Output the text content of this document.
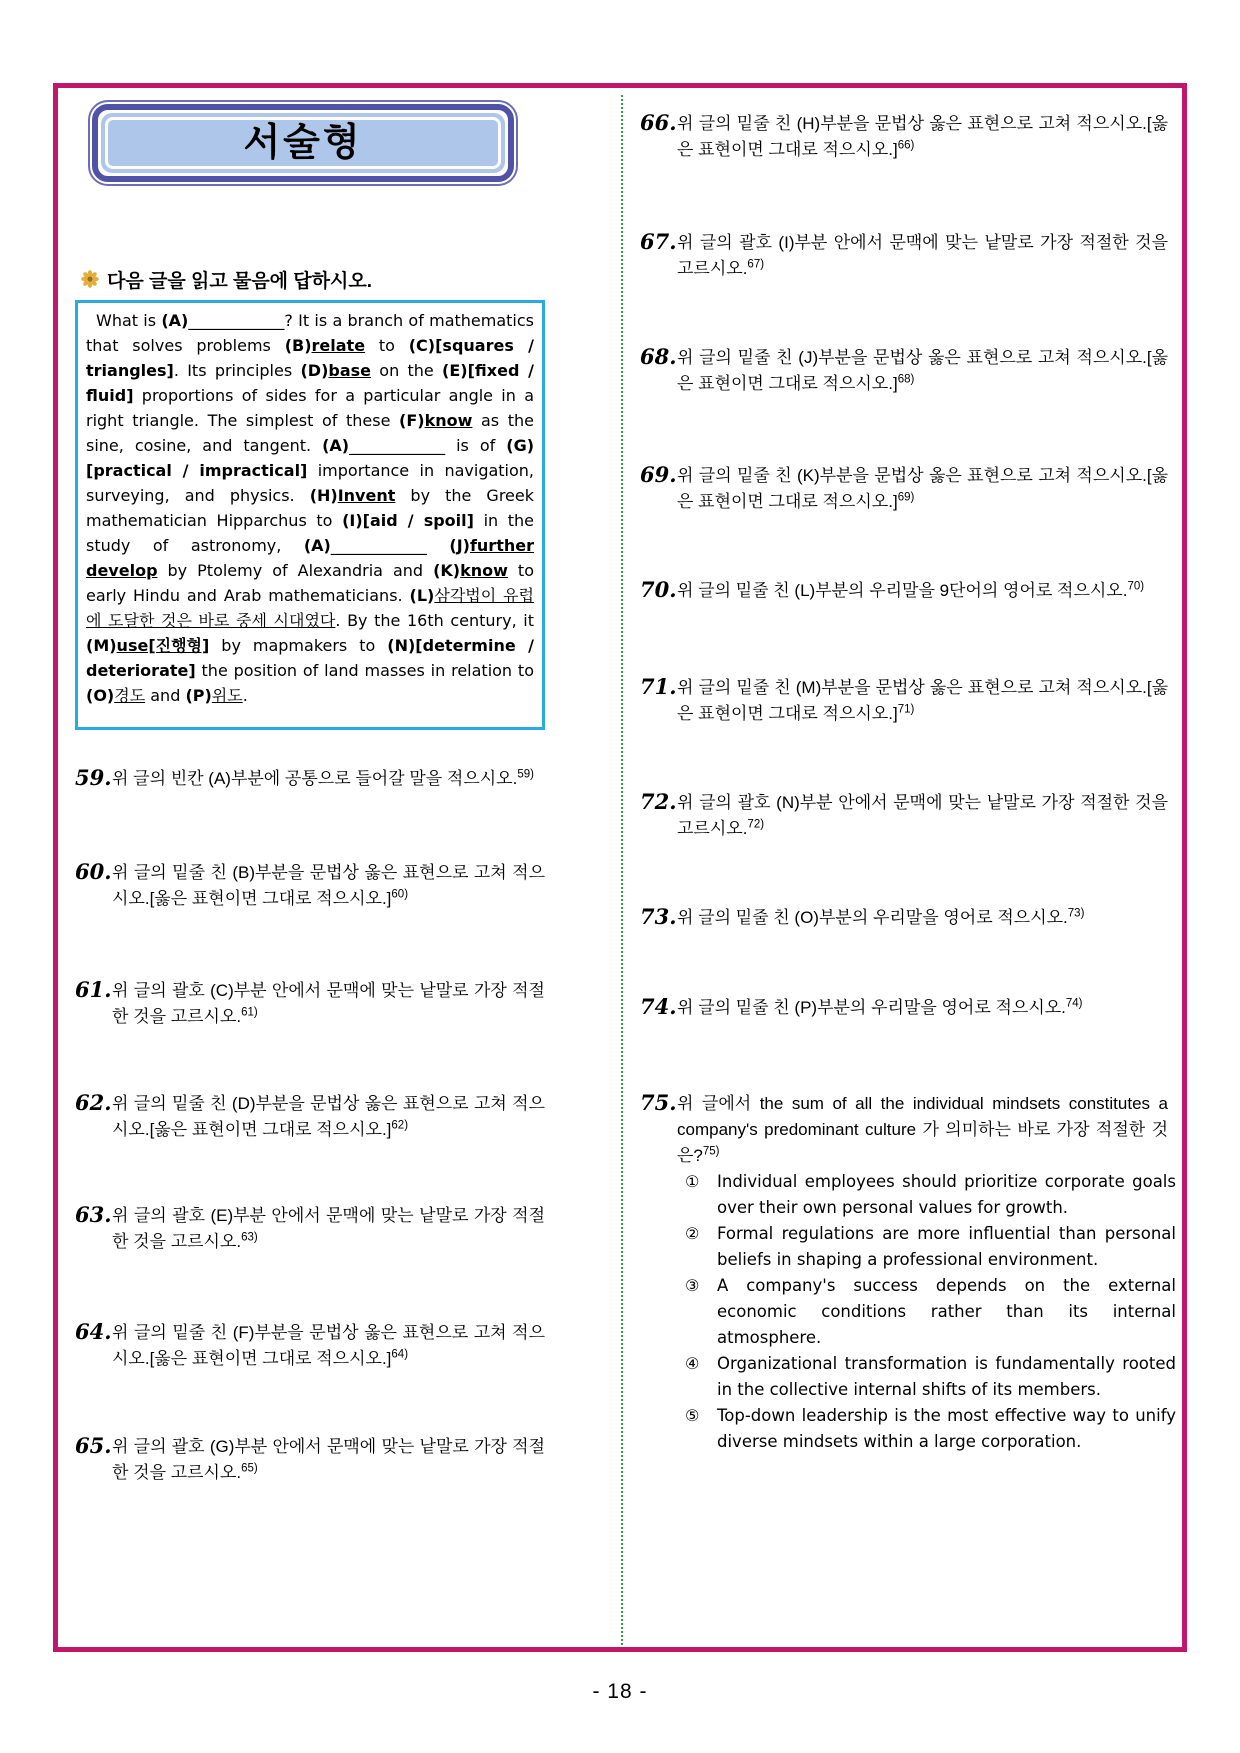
서술형
다음 글을 읽고 물음에 답하시오.
What is (A)____________? It is a branch of mathematics that solves problems (B)relate to (C)[squares / triangles]. Its principles (D)base on the (E)[fixed / fluid] proportions of sides for a particular angle in a right triangle. The simplest of these (F)know as the sine, cosine, and tangent. (A)____________ is of (G)[practical / impractical] importance in navigation, surveying, and physics. (H)Invent by the Greek mathematician Hipparchus to (I)[aid / spoil] in the study of astronomy, (A)____________ (J)further develop by Ptolemy of Alexandria and (K)know to early Hindu and Arab mathematicians. (L)삼각법이 유럽에 도달한 것은 바로 중세 시대였다. By the 16th century, it (M)use[진행형] by mapmakers to (N)[determine / deteriorate] the position of land masses in relation to (O)경도 and (P)위도.
- 18 -
59. 위 글의 빈칸 (A)부분에 공통으로 들어갈 말을 적으시오.$^{59)}$
60. 위 글의 밑줄 친 (B)부분을 문법상 옳은 표현으로 고쳐 적으시오.[옳은 표현이면 그대로 적으시오.]$^{60)}$
61. 위 글의 괄호 (C)부분 안에서 문맥에 맞는 낱말로 가장 적절한 것을 고르시오.$^{61)}$
62. 위 글의 밑줄 친 (D)부분을 문법상 옳은 표현으로 고쳐 적으시오.[옳은 표현이면 그대로 적으시오.]$^{62)}$
63. 위 글의 괄호 (E)부분 안에서 문맥에 맞는 낱말로 가장 적절한 것을 고르시오.$^{63)}$
64. 위 글의 밑줄 친 (F)부분을 문법상 옳은 표현으로 고쳐 적으시오.[옳은 표현이면 그대로 적으시오.]$^{64)}$
65. 위 글의 괄호 (G)부분 안에서 문맥에 맞는 낱말로 가장 적절한 것을 고르시오.$^{65)}$
66. 위 글의 밑줄 친 (H)부분을 문법상 옳은 표현으로 고쳐 적으시오.[옳은 표현이면 그대로 적으시오.]$^{66)}$
67. 위 글의 괄호 (I)부분 안에서 문맥에 맞는 낱말로 가장 적절한 것을 고르시오.$^{67)}$
68. 위 글의 밑줄 친 (J)부분을 문법상 옳은 표현으로 고쳐 적으시오.[옳은 표현이면 그대로 적으시오.]$^{68)}$
69. 위 글의 밑줄 친 (K)부분을 문법상 옳은 표현으로 고쳐 적으시오.[옳은 표현이면 그대로 적으시오.]$^{69)}$
70. 위 글의 밑줄 친 (L)부분의 우리말을 9단어의 영어로 적으시오.$^{70)}$
71. 위 글의 밑줄 친 (M)부분을 문법상 옳은 표현으로 고쳐 적으시오.[옳은 표현이면 그대로 적으시오.]$^{71)}$
72. 위 글의 괄호 (N)부분 안에서 문맥에 맞는 낱말로 가장 적절한 것을 고르시오.$^{72)}$
73. 위 글의 밑줄 친 (O)부분의 우리말을 영어로 적으시오.$^{73)}$
74. 위 글의 밑줄 친 (P)부분의 우리말을 영어로 적으시오.$^{74)}$
75. 위 글에서 the sum of all the individual mindsets constitutes a company's predominant culture 가 의미하는 바로 가장 적절한 것은?$^{75)}$
① Individual employees should prioritize corporate goals over their own personal values for growth.
② Formal regulations are more influential than personal beliefs in shaping a professional environment.
③ A company's success depends on the external economic conditions rather than its internal atmosphere.
④ Organizational transformation is fundamentally rooted in the collective internal shifts of its members.
⑤ Top-down leadership is the most effective way to unify diverse mindsets within a large corporation.
